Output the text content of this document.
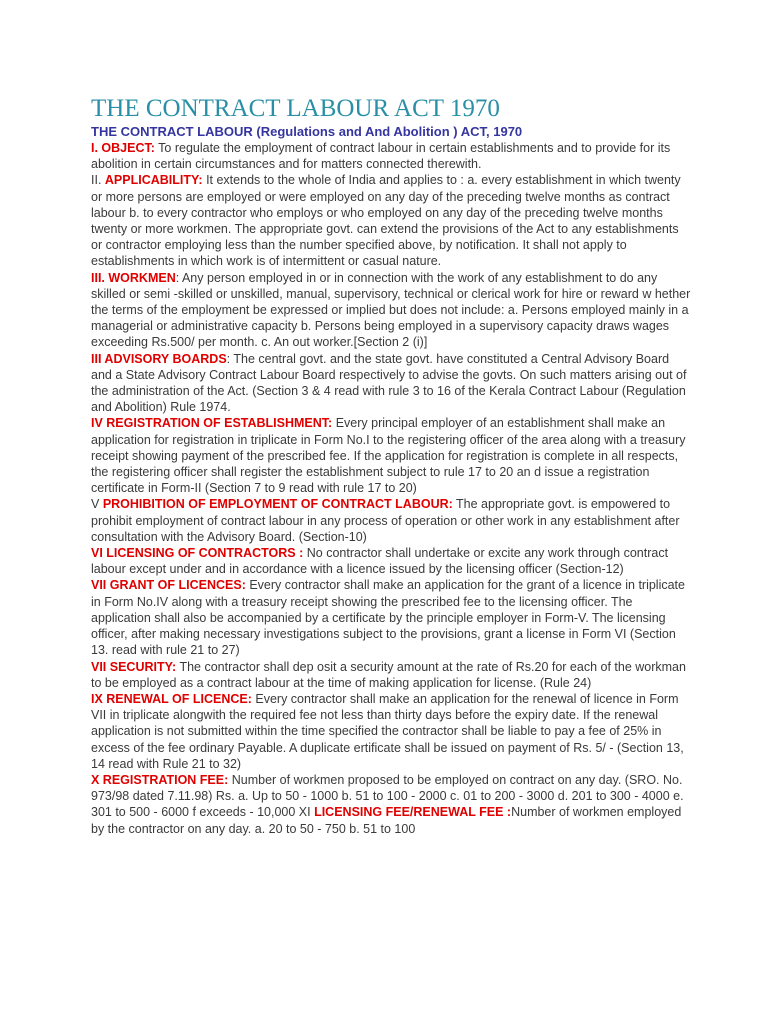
THE CONTRACT LABOUR ACT 1970
THE CONTRACT LABOUR (Regulations and And Abolition ) ACT, 1970

I. OBJECT: To regulate the employment of contract labour in certain establishments and to provide for its abolition in certain circumstances and for matters connected therewith.

II. APPLICABILITY: It extends to the whole of India and applies to : a. every establishment in which twenty or more persons are employed or were employed on any day of the preceding twelve months as contract labour b. to every contractor who employs or who employed on any day of the preceding twelve months twenty or more workmen. The appropriate govt. can extend the provisions of the Act to any establishments or contractor employing less than the number specified above, by notification. It shall not apply to establishments in which work is of intermittent or casual nature.

III. WORKMEN: Any person employed in or in connection with the work of any establishment to do any skilled or semi -skilled or unskilled, manual, supervisory, technical or clerical work for hire or reward w hether the terms of the employment be expressed or implied but does not include: a. Persons employed mainly in a managerial or administrative capacity b. Persons being employed in a supervisory capacity draws wages exceeding Rs.500/ per month. c. An out worker.[Section 2 (i)]

III ADVISORY BOARDS: The central govt. and the state govt. have constituted a Central Advisory Board and a State Advisory Contract Labour Board respectively to advise the govts. On such matters arising out of the administration of the Act. (Section 3 & 4 read with rule 3 to 16 of the Kerala Contract Labour (Regulation and Abolition) Rule 1974.

IV REGISTRATION OF ESTABLISHMENT: Every principal employer of an establishment shall make an application for registration in triplicate in Form No.I to the registering officer of the area along with a treasury receipt showing payment of the prescribed fee. If the application for registration is complete in all respects, the registering officer shall register the establishment subject to rule 17 to 20 an d issue a registration certificate in Form-II (Section 7 to 9 read with rule 17 to 20)

V PROHIBITION OF EMPLOYMENT OF CONTRACT LABOUR: The appropriate govt. is empowered to prohibit employment of contract labour in any process of operation or other work in any establishment after consultation with the Advisory Board. (Section-10)

VI LICENSING OF CONTRACTORS : No contractor shall undertake or excite any work through contract labour except under and in accordance with a licence issued by the licensing officer (Section-12)

VII GRANT OF LICENCES: Every contractor shall make an application for the grant of a licence in triplicate in Form No.IV along with a treasury receipt showing the prescribed fee to the licensing officer. The application shall also be accompanied by a certificate by the principle employer in Form-V. The licensing officer, after making necessary investigations subject to the provisions, grant a license in Form VI (Section 13. read with rule 21 to 27)

VII SECURITY: The contractor shall dep osit a security amount at the rate of Rs.20 for each of the workman to be employed as a contract labour at the time of making application for license. (Rule 24)

IX RENEWAL OF LICENCE: Every contractor shall make an application for the renewal of licence in Form VII in triplicate alongwith the required fee not less than thirty days before the expiry date. If the renewal application is not submitted within the time specified the contractor shall be liable to pay a fee of 25% in excess of the fee ordinary Payable. A duplicate ertificate shall be issued on payment of Rs. 5/ - (Section 13, 14 read with Rule 21 to 32)

X REGISTRATION FEE: Number of workmen proposed to be employed on contract on any day. (SRO. No. 973/98 dated 7.11.98) Rs. a. Up to 50 - 1000 b. 51 to 100 - 2000 c. 01 to 200 - 3000 d. 201 to 300 - 4000 e. 301 to 500 - 6000 f exceeds - 10,000 XI LICENSING FEE/RENEWAL FEE :Number of workmen employed by the contractor on any day. a. 20 to 50 - 750 b. 51 to 100
